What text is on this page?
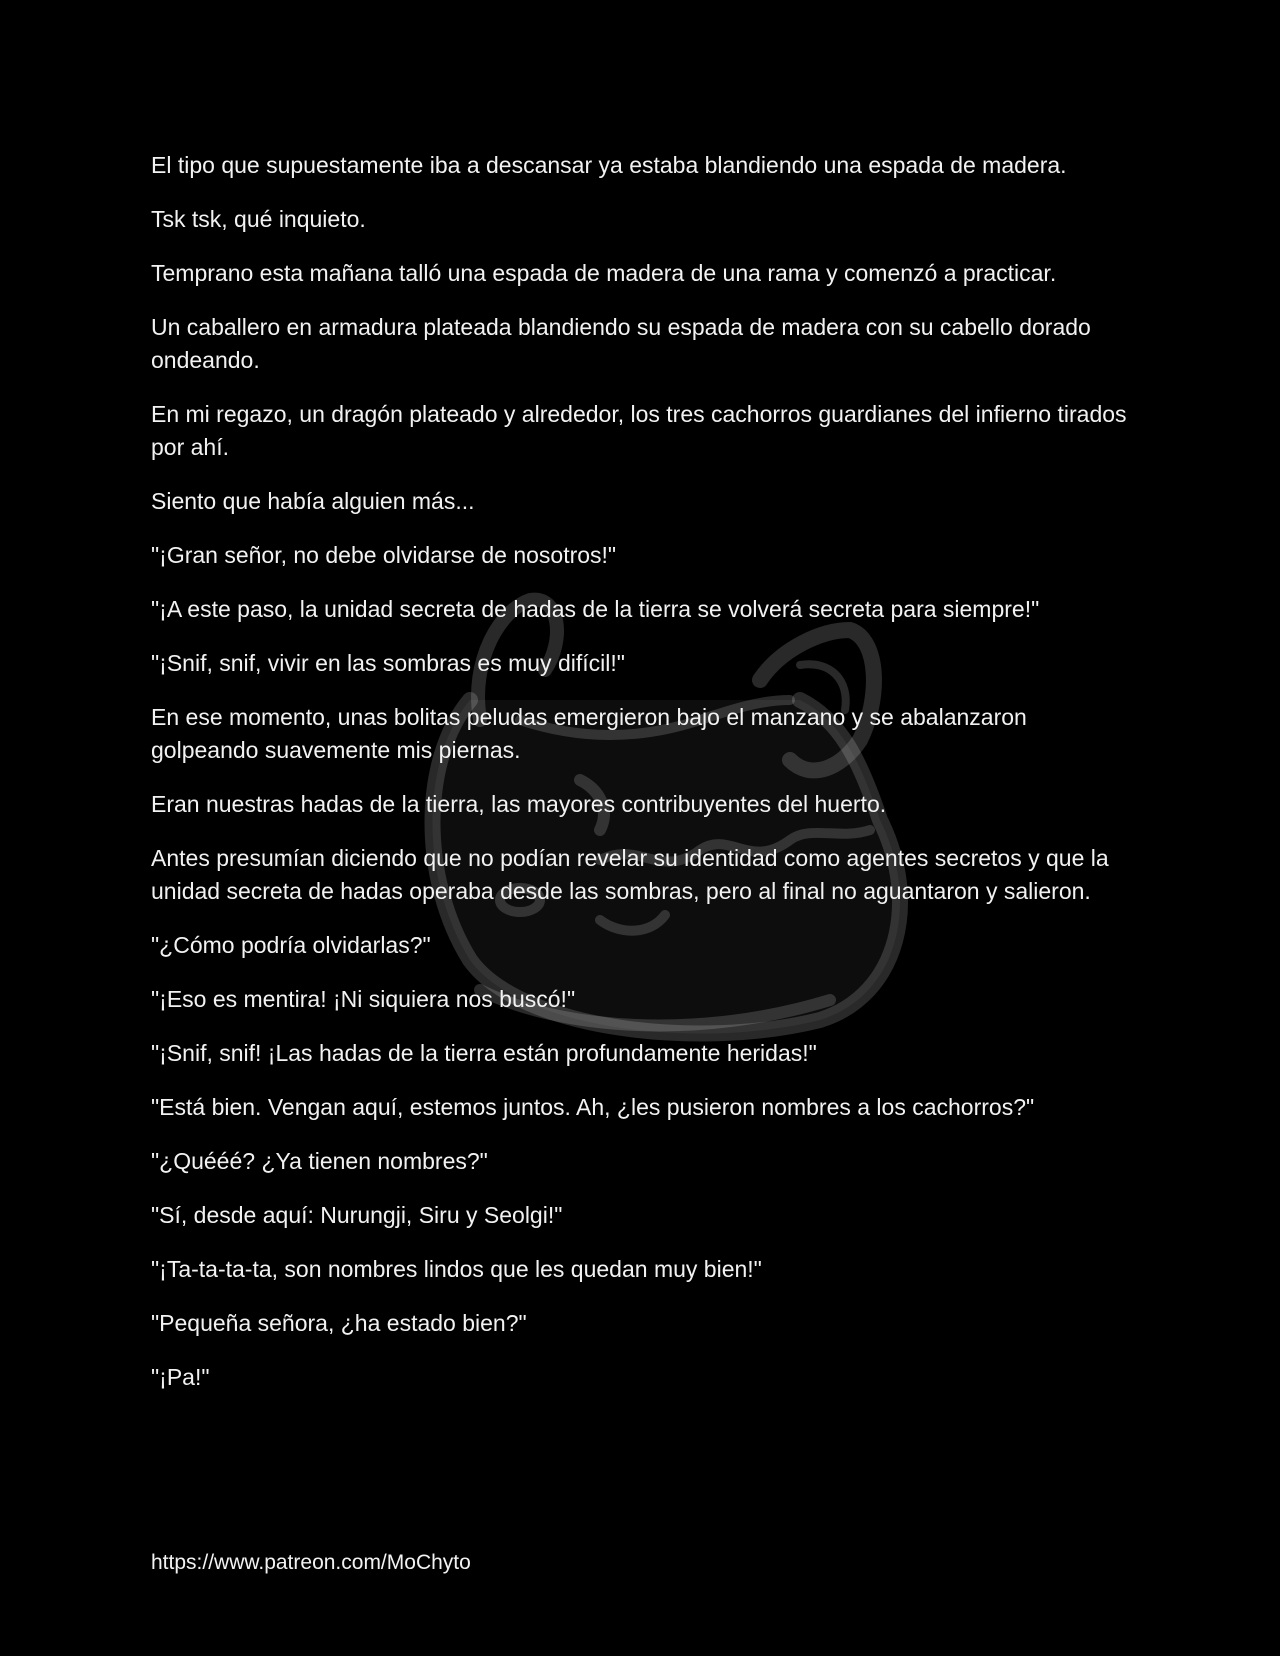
El tipo que supuestamente iba a descansar ya estaba blandiendo una espada de madera.

Tsk tsk, qué inquieto.

Temprano esta mañana talló una espada de madera de una rama y comenzó a practicar.

Un caballero en armadura plateada blandiendo su espada de madera con su cabello dorado ondeando.

En mi regazo, un dragón plateado y alrededor, los tres cachorros guardianes del infierno tirados por ahí.

Siento que había alguien más...

"¡Gran señor, no debe olvidarse de nosotros!"

"¡A este paso, la unidad secreta de hadas de la tierra se volverá secreta para siempre!"

"¡Snif, snif, vivir en las sombras es muy difícil!"

En ese momento, unas bolitas peludas emergieron bajo el manzano y se abalanzaron golpeando suavemente mis piernas.

Eran nuestras hadas de la tierra, las mayores contribuyentes del huerto.

Antes presumían diciendo que no podían revelar su identidad como agentes secretos y que la unidad secreta de hadas operaba desde las sombras, pero al final no aguantaron y salieron.

"¿Cómo podría olvidarlas?"

"¡Eso es mentira! ¡Ni siquiera nos buscó!"

"¡Snif, snif! ¡Las hadas de la tierra están profundamente heridas!"

"Está bien. Vengan aquí, estemos juntos. Ah, ¿les pusieron nombres a los cachorros?"

"¿Quééé? ¿Ya tienen nombres?"

"Sí, desde aquí: Nurungji, Siru y Seolgi!"

"¡Ta-ta-ta-ta, son nombres lindos que les quedan muy bien!"

"Pequeña señora, ¿ha estado bien?"

"¡Pa!"

https://www.patreon.com/MoChyto
